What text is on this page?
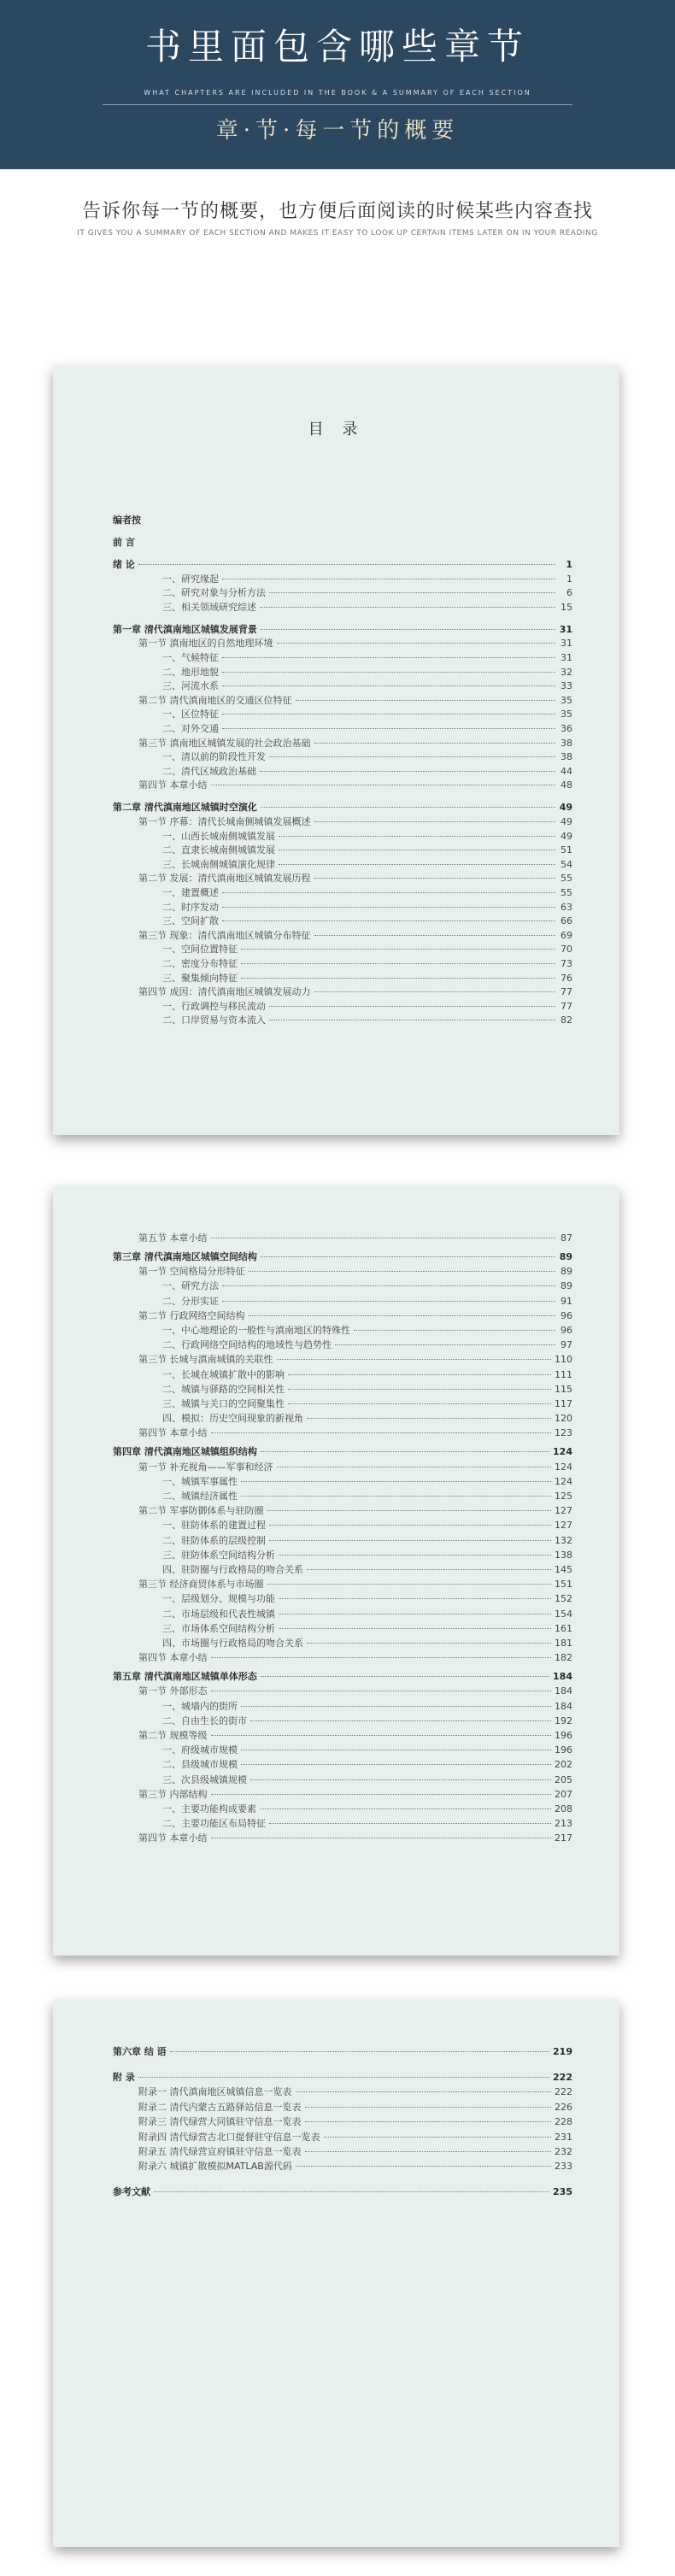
书里面包含哪些章节
WHAT CHAPTERS ARE INCLUDED IN THE BOOK & A SUMMARY OF EACH SECTION
章·节·每一节的概要
告诉你每一节的概要，也方便后面阅读的时候某些内容查找
IT GIVES YOU A SUMMARY OF EACH SECTION AND MAKES IT EASY TO LOOK UP CERTAIN ITEMS LATER ON IN YOUR READING
目 录
编者按
前 言
绪 论	1
一、研究缘起	1
二、研究对象与分析方法	6
三、相关领域研究综述	15
第一章 清代滇南地区城镇发展背景	31
第一节 滇南地区的自然地理环境	31
一、气候特征	31
二、地形地貌	32
三、河流水系	33
第二节 清代滇南地区的交通区位特征	35
一、区位特征	35
二、对外交通	36
第三节 滇南地区城镇发展的社会政治基础	38
一、清以前的阶段性开发	38
二、清代区域政治基础	44
第四节 本章小结	48
第二章 清代滇南地区城镇时空演化	49
第一节 序幕：清代长城南侧城镇发展概述	49
一、山西长城南侧城镇发展	49
二、直隶长城南侧城镇发展	51
三、长城南侧城镇演化规律	54
第二节 发展：清代滇南地区城镇发展历程	55
一、建置概述	55
二、时序发动	63
三、空间扩散	66
第三节 现象：清代滇南地区城镇分布特征	69
一、空间位置特征	70
二、密度分布特征	73
三、聚集倾向特征	76
第四节 成因：清代滇南地区城镇发展动力	77
一、行政调控与移民流动	77
二、口岸贸易与资本流入	82
第五节 本章小结	87
第三章 清代滇南地区城镇空间结构	89
第一节 空间格局分形特征	89
一、研究方法	89
二、分形实证	91
第二节 行政网络空间结构	96
一、中心地理论的一般性与滇南地区的特殊性	96
二、行政网络空间结构的地域性与趋势性	97
第三节 长城与滇南城镇的关联性	110
一、长城在城镇扩散中的影响	111
二、城镇与驿路的空间相关性	115
三、城镇与关口的空间聚集性	117
四、模拟：历史空间现象的新视角	120
第四节 本章小结	123
第四章 清代滇南地区城镇组织结构	124
第一节 补充视角——军事和经济	124
一、城镇军事属性	124
二、城镇经济属性	125
第二节 军事防御体系与驻防圈	127
一、驻防体系的建置过程	127
二、驻防体系的层级控制	132
三、驻防体系空间结构分析	138
四、驻防圈与行政格局的吻合关系	145
第三节 经济商贸体系与市场圈	151
一、层级划分、规模与功能	152
二、市场层级和代表性城镇	154
三、市场体系空间结构分析	161
四、市场圈与行政格局的吻合关系	181
第四节 本章小结	182
第五章 清代滇南地区城镇单体形态	184
第一节 外部形态	184
一、城墙内的街所	184
二、自由生长的街市	192
第二节 规模等级	196
一、府级城市规模	196
二、县级城市规模	202
三、次县级城镇规模	205
第三节 内部结构	207
一、主要功能构成要素	208
二、主要功能区布局特征	213
第四节 本章小结	217
第六章 结 语	219
附 录	222
附录一 清代滇南地区城镇信息一览表	222
附录二 清代内蒙古五路驿站信息一览表	226
附录三 清代绿营大同镇驻守信息一览表	228
附录四 清代绿营古北口提督驻守信息一览表	231
附录五 清代绿营宣府镇驻守信息一览表	232
附录六 城镇扩散模拟MATLAB源代码	233
参考文献	235
